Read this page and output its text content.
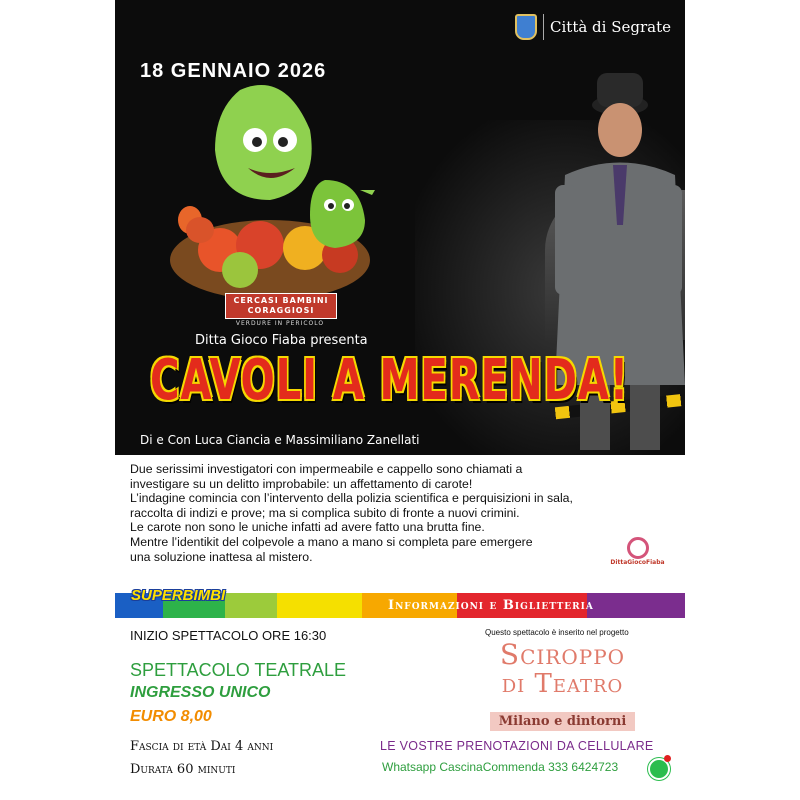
Città di Segrate
18 GENNAIO 2026
CERCASI BAMBINI CORAGGIOSI
VERDURE IN PERICOLO
Ditta Gioco Fiaba presenta
CAVOLI A MERENDA!
Di e Con Luca Ciancia e Massimiliano Zanellati

Due serissimi investigatori con impermeabile e cappello sono chiamati a

investigare su un delitto improbabile: un affettamento di carote!

L’indagine comincia con l’intervento della polizia scientifica e perquisizioni in sala,

raccolta di indizi e prove; ma si complica subito di fronte a nuovi crimini.

Le carote non sono le uniche infatti ad avere fatto una brutta fine.

Mentre l’identikit del colpevole a mano a mano si completa pare emergere

una soluzione inattesa al mistero.	DittaGiocoFiaba
SUPERBIMBI
Informazioni e Biglietteria
INIZIO SPETTACOLO ORE 16:30
SPETTACOLO TEATRALE
INGRESSO UNICO
EURO 8,00
Fascia di età Dai 4 anni
Durata 60 minuti
Questo spettacolo è inserito nel progetto
Sciroppo
di Teatro
Milano e dintorni
LE VOSTRE PRENOTAZIONI DA CELLULARE
Whatsapp CascinaCommenda 333 6424723
